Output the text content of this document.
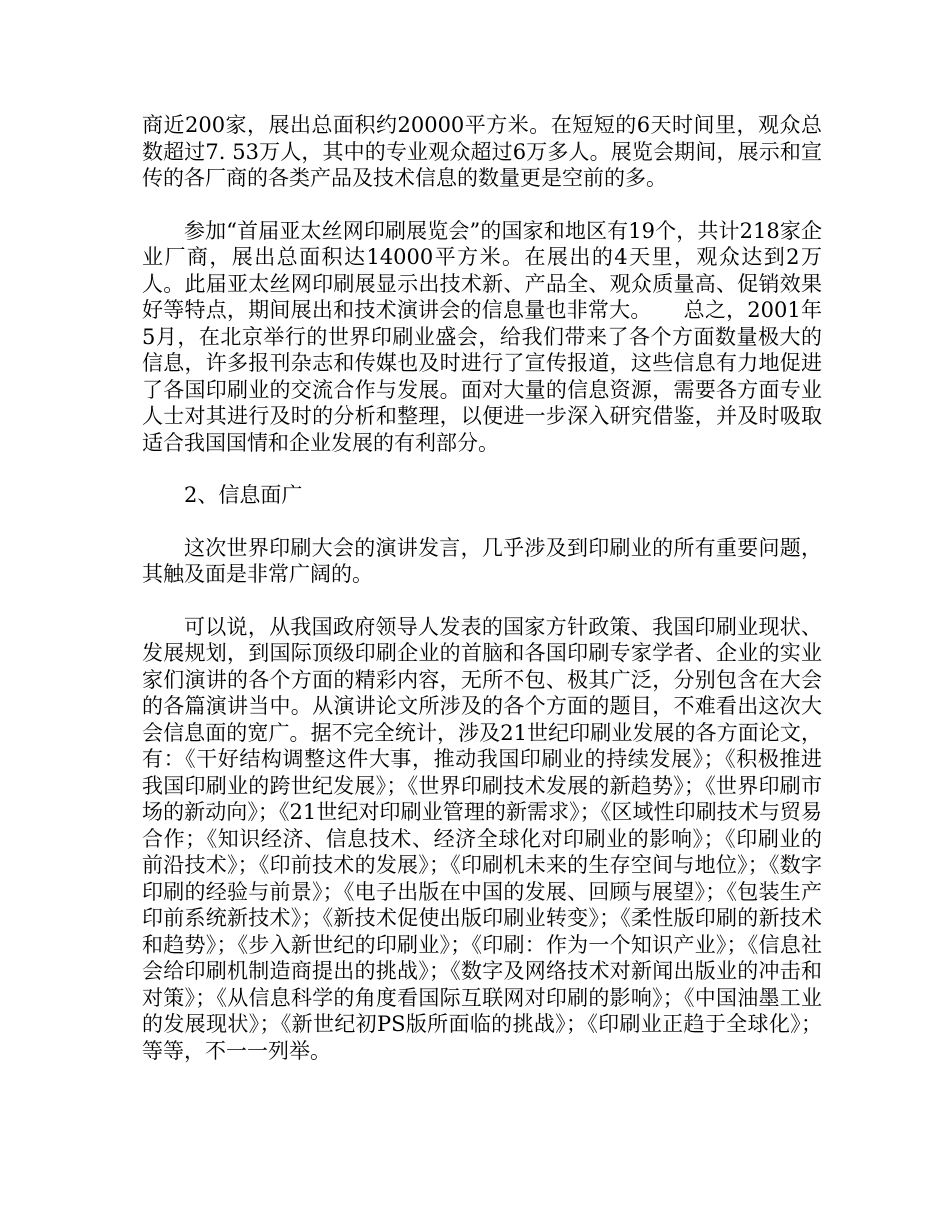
商近200家，展出总面积约20000平方米。在短短的6天时间里，观众总数超过7. 53万人，其中的专业观众超过6万多人。展览会期间，展示和宣传的各厂商的各类产品及技术信息的数量更是空前的多。

参加“首届亚太丝网印刷展览会”的国家和地区有19个，共计218家企业厂商，展出总面积达14000平方米。在展出的4天里，观众达到2万人。此届亚太丝网印刷展显示出技术新、产品全、观众质量高、促销效果好等特点，期间展出和技术演讲会的信息量也非常大。　　总之，2001年5月，在北京举行的世界印刷业盛会，给我们带来了各个方面数量极大的信息，许多报刊杂志和传媒也及时进行了宣传报道，这些信息有力地促进了各国印刷业的交流合作与发展。面对大量的信息资源，需要各方面专业人士对其进行及时的分析和整理，以便进一步深入研究借鉴，并及时吸取适合我国国情和企业发展的有利部分。

2、信息面广

这次世界印刷大会的演讲发言，几乎涉及到印刷业的所有重要问题，其触及面是非常广阔的。

可以说，从我国政府领导人发表的国家方针政策、我国印刷业现状、发展规划，到国际顶级印刷企业的首脑和各国印刷专家学者、企业的实业家们演讲的各个方面的精彩内容，无所不包、极其广泛，分别包含在大会的各篇演讲当中。从演讲论文所涉及的各个方面的题目，不难看出这次大会信息面的宽广。据不完全统计，涉及21世纪印刷业发展的各方面论文，有：《干好结构调整这件大事，推动我国印刷业的持续发展》；《积极推进我国印刷业的跨世纪发展》；《世界印刷技术发展的新趋势》；《世界印刷市场的新动向》；《21世纪对印刷业管理的新需求》；《区域性印刷技术与贸易合作；《知识经济、信息技术、经济全球化对印刷业的影响》；《印刷业的前沿技术》；《印前技术的发展》；《印刷机未来的生存空间与地位》；《数字印刷的经验与前景》；《电子出版在中国的发展、回顾与展望》；《包装生产印前系统新技术》；《新技术促使出版印刷业转变》；《柔性版印刷的新技术和趋势》；《步入新世纪的印刷业》；《印刷：作为一个知识产业》；《信息社会给印刷机制造商提出的挑战》；《数字及网络技术对新闻出版业的冲击和对策》；《从信息科学的角度看国际互联网对印刷的影响》；《中国油墨工业的发展现状》；《新世纪初PS版所面临的挑战》；《印刷业正趋于全球化》；等等，不一一列举。
